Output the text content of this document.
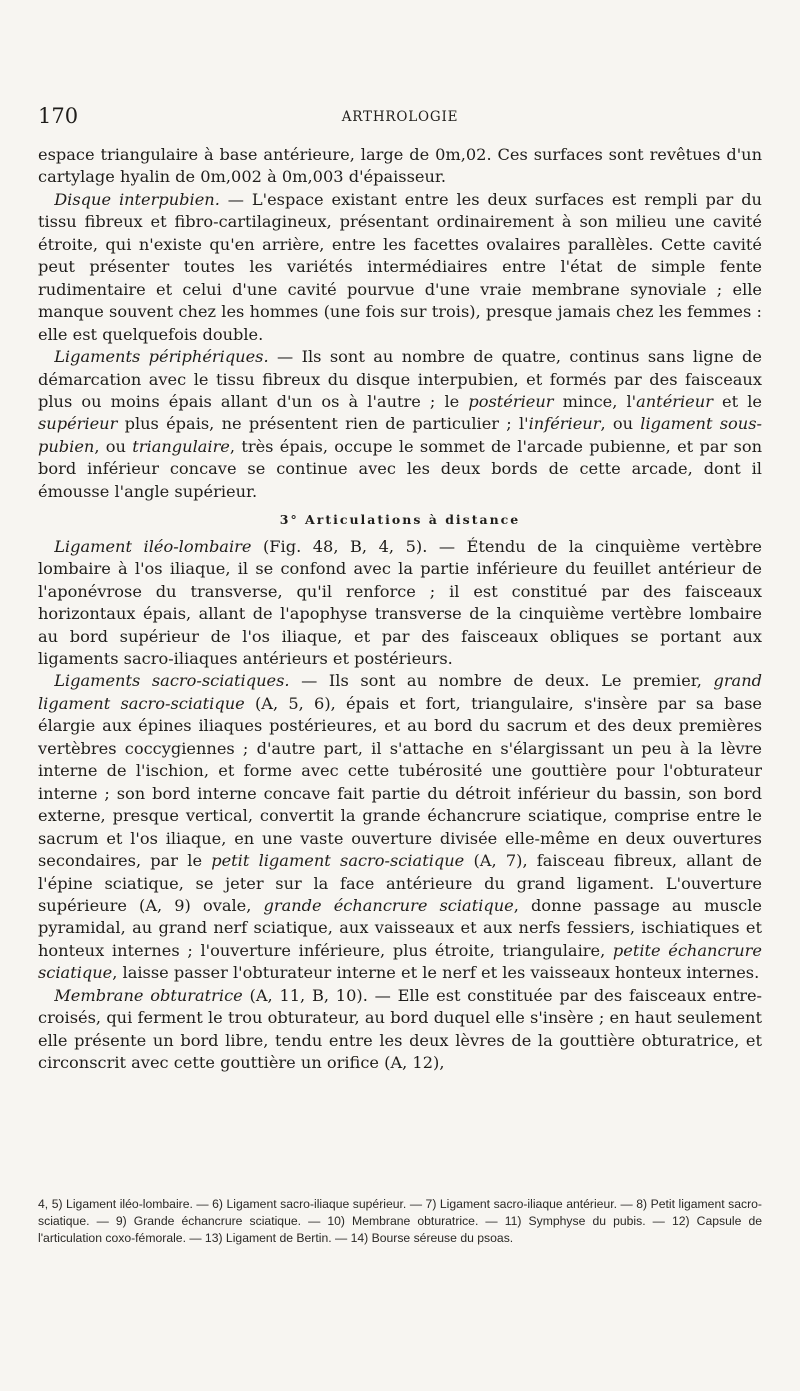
170	ARTHROLOGIE

espace triangulaire à base antérieure, large de 0m,02. Ces surfaces sont revêtues d'un cartylage hyalin de 0m,002 à 0m,003 d'épaisseur.

 Disque interpubien. — L'espace existant entre les deux surfaces est rempli par du tissu fibreux et fibro-cartilagineux, présentant ordinairement à son milieu une cavité étroite, qui n'existe qu'en arrière, entre les facettes ovalaires parallèles. Cette cavité peut présenter toutes les variétés intermédiaires entre l'état de simple fente rudimentaire et celui d'une cavité pourvue d'une vraie membrane synoviale ; elle manque souvent chez les hommes (une fois sur trois), presque jamais chez les femmes : elle est quelquefois double.

 Ligaments périphériques. — Ils sont au nombre de quatre, continus sans ligne de démarcation avec le tissu fibreux du disque interpubien, et formés par des faisceaux plus ou moins épais allant d'un os à l'autre ; le postérieur mince, l'antérieur et le supérieur plus épais, ne présentent rien de particulier ; l'inférieur, ou ligament sous-pubien, ou triangulaire, très épais, occupe le sommet de l'arcade pubienne, et par son bord inférieur concave se continue avec les deux bords de cette arcade, dont il émousse l'angle supérieur.

3° Articulations à distance

 Ligament iléo-lombaire (Fig. 48, B, 4, 5). — Étendu de la cinquième vertèbre lombaire à l'os iliaque, il se confond avec la partie inférieure du feuillet antérieur de l'aponévrose du transverse, qu'il renforce ; il est constitué par des faisceaux horizontaux épais, allant de l'apophyse transverse de la cinquième vertèbre lombaire au bord supérieur de l'os iliaque, et par des faisceaux obliques se portant aux ligaments sacro-iliaques antérieurs et postérieurs.

 Ligaments sacro-sciatiques. — Ils sont au nombre de deux. Le premier, grand ligament sacro-sciatique (A, 5, 6), épais et fort, triangulaire, s'insère par sa base élargie aux épines iliaques postérieures, et au bord du sacrum et des deux premières vertèbres coccygiennes ; d'autre part, il s'attache en s'élargissant un peu à la lèvre interne de l'ischion, et forme avec cette tubérosité une gouttière pour l'obturateur interne ; son bord interne concave fait partie du détroit inférieur du bassin, son bord externe, presque vertical, convertit la grande échancrure sciatique, comprise entre le sacrum et l'os iliaque, en une vaste ouverture divisée elle-même en deux ouvertures secondaires, par le petit ligament sacro-sciatique (A, 7), faisceau fibreux, allant de l'épine sciatique, se jeter sur la face antérieure du grand ligament. L'ouverture supérieure (A, 9) ovale, grande échancrure sciatique, donne passage au muscle pyramidal, au grand nerf sciatique, aux vaisseaux et aux nerfs fessiers, ischiatiques et honteux internes ; l'ouverture inférieure, plus étroite, triangulaire, petite échancrure sciatique, laisse passer l'obturateur interne et le nerf et les vaisseaux honteux internes.

 Membrane obturatrice (A, 11, B, 10). — Elle est constituée par des faisceaux entre-croisés, qui ferment le trou obturateur, au bord duquel elle s'insère ; en haut seulement elle présente un bord libre, tendu entre les deux lèvres de la gouttière obturatrice, et circonscrit avec cette gouttière un orifice (A, 12),

4, 5) Ligament iléo-lombaire. — 6) Ligament sacro-iliaque supérieur. — 7) Ligament sacro-iliaque antérieur. — 8) Petit ligament sacro-sciatique. — 9) Grande échancrure sciatique. — 10) Membrane obturatrice. — 11) Symphyse du pubis. — 12) Capsule de l'articulation coxo-fémorale. — 13) Ligament de Bertin. — 14) Bourse séreuse du psoas.
